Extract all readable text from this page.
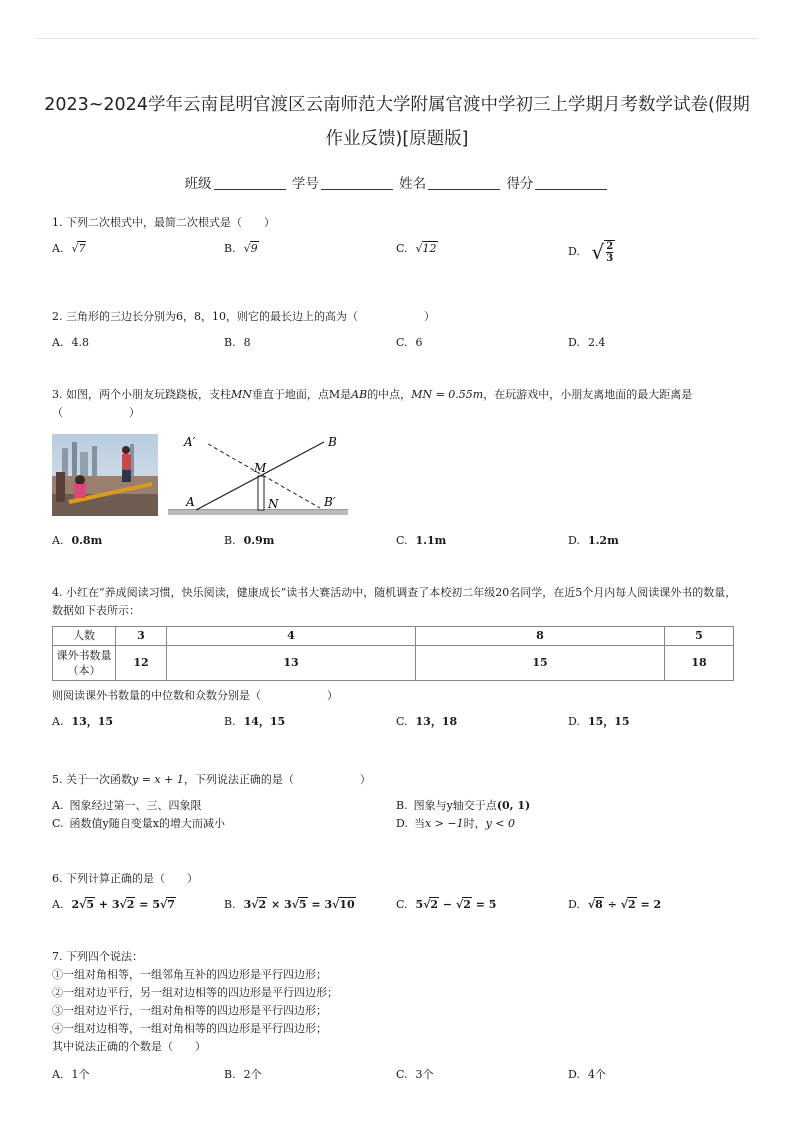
2023~2024学年云南昆明官渡区云南师范大学附属官渡中学初三上学期月考数学试卷(假期作业反馈)[原题版]
班级	学号	姓名	得分

1. 下列二次根式中，最简二次根式是（　　）

A. √7	B. √9	C. √12	D. √ $\frac{2}{3}$

2. 三角形的三边长分别为6，8，10，则它的最长边上的高为（　　　　　　）

A. 4.8	B. 8	C. 6	D. 2.4

3. 如图，两个小朋友玩跷跷板，支柱MN垂直于地面，点M是AB的中点，MN = 0.55m，在玩游戏中，小朋友离地面的最大距离是（　　　　　　）

A′	B
M
A	N	B′
A. 0.8m	B. 0.9m	C. 1.1m	D. 1.2m

4. 小红在“养成阅读习惯，快乐阅读，健康成长”读书大赛活动中，随机调查了本校初二年级20名同学，在近5个月内每人阅读课外书的数量，数据如下表所示：

人数	3	4	8	5
课外书数量
（本）	12	13	15	18

则阅读课外书数量的中位数和众数分别是（　　　　　　）

A. 13，15	B. 14，15	C. 13，18	D. 15，15

5. 关于一次函数y = x + 1，下列说法正确的是（　　　　　　）

A. 图象经过第一、三、四象限	B. 图象与y轴交于点(0, 1)
C. 函数值y随自变量x的增大而减小	D. 当x > −1时，y < 0

6. 下列计算正确的是（　　）

A. 2√5 + 3√2 = 5√7	B. 3√2 × 3√5 = 3√10	C. 5√2 − √2 = 5	D. √8 ÷ √2 = 2

7. 下列四个说法：

①一组对角相等，一组邻角互补的四边形是平行四边形；

②一组对边平行，另一组对边相等的四边形是平行四边形；

③一组对边平行，一组对角相等的四边形是平行四边形；

④一组对边相等，一组对角相等的四边形是平行四边形；

其中说法正确的个数是（　　）

A. 1个	B. 2个	C. 3个	D. 4个
